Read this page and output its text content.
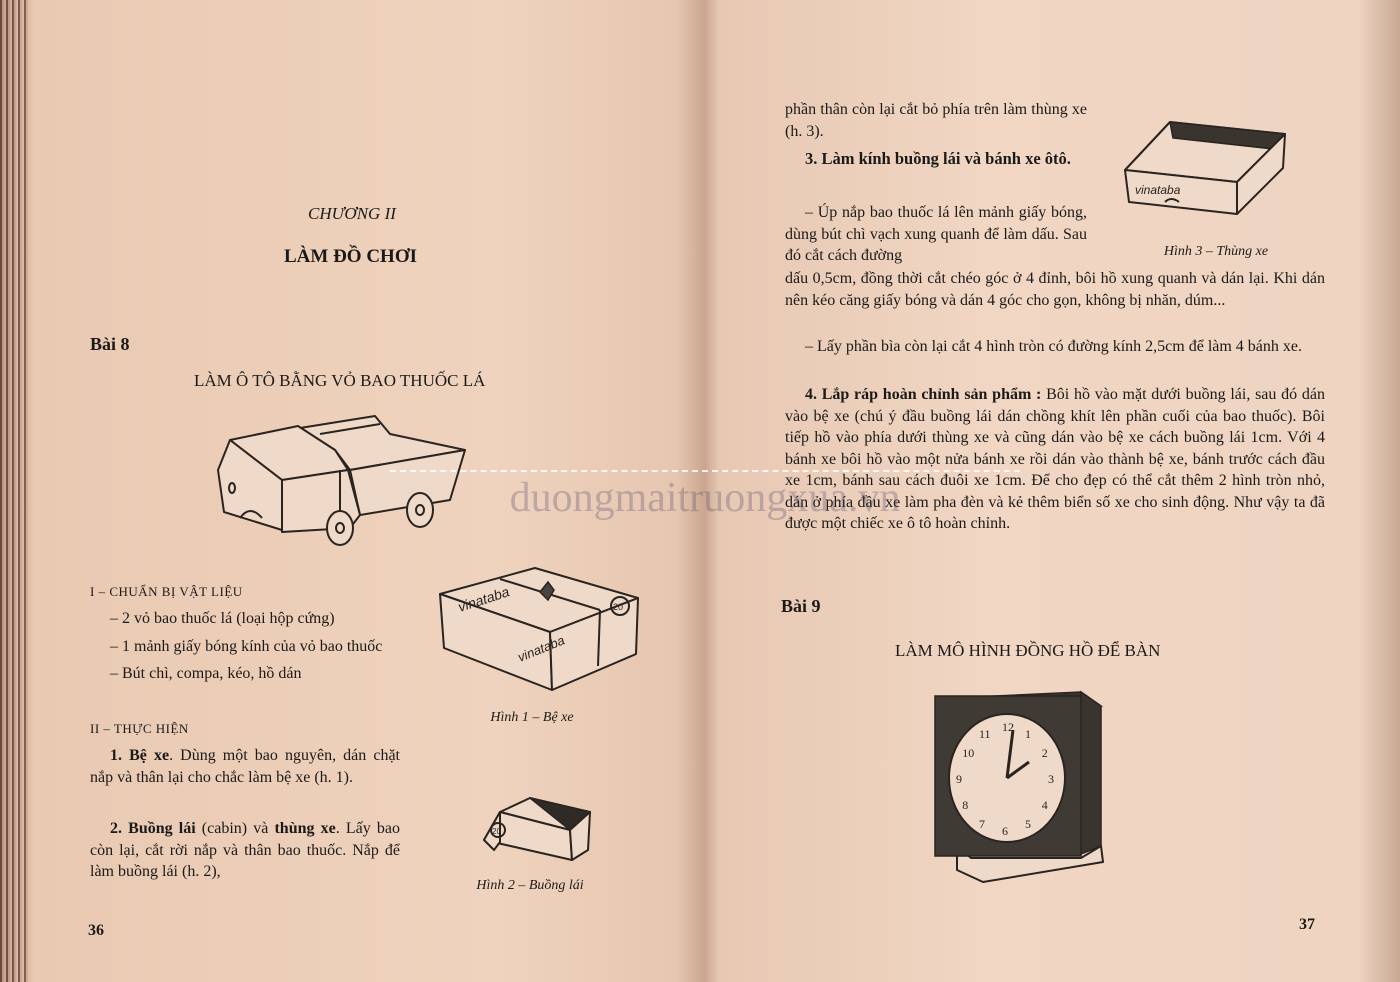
CHƯƠNG II
LÀM ĐỒ CHƠI
Bài 8
LÀM Ô TÔ BẰNG VỎ BAO THUỐC LÁ
I – CHUẨN BỊ VẬT LIỆU

– 2 vỏ bao thuốc lá (loại hộp cứng)

– 1 mảnh giấy bóng kính của vỏ bao thuốc

– Bút chì, compa, kéo, hồ dán

II – THỰC HIỆN

1. Bệ xe. Dùng một bao nguyên, dán chặt nắp và thân lại cho chắc làm bệ xe (h. 1).

2. Buồng lái (cabin) và thùng xe. Lấy bao còn lại, cắt rời nắp và thân bao thuốc. Nắp để làm buồng lái (h. 2),

vinataba
vinataba
20
Hình 1 – Bệ xe
20
Hình 2 – Buồng lái
36

phần thân còn lại cắt bỏ phía trên làm thùng xe (h. 3).

3. Làm kính buồng lái và bánh xe ôtô.

– Úp nắp bao thuốc lá lên mảnh giấy bóng, dùng bút chì vạch xung quanh để làm dấu. Sau đó cắt cách đường

dấu 0,5cm, đồng thời cắt chéo góc ở 4 đỉnh, bôi hồ xung quanh và dán lại. Khi dán nên kéo căng giấy bóng và dán 4 góc cho gọn, không bị nhăn, dúm...

– Lấy phần bìa còn lại cắt 4 hình tròn có đường kính 2,5cm để làm 4 bánh xe.

4. Lắp ráp hoàn chỉnh sản phẩm : Bôi hồ vào mặt dưới buồng lái, sau đó dán vào bệ xe (chú ý đầu buồng lái dán chồng khít lên phần cuối của bao thuốc). Bôi tiếp hồ vào phía dưới thùng xe và cũng dán vào bệ xe cách buồng lái 1cm. Với 4 bánh xe bôi hồ vào một nửa bánh xe rồi dán vào thành bệ xe, bánh trước cách đầu xe 1cm, bánh sau cách đuôi xe 1cm. Để cho đẹp có thể cắt thêm 2 hình tròn nhỏ, dán ở phía đầu xe làm pha đèn và kẻ thêm biển số xe cho sinh động. Như vậy ta đã được một chiếc xe ô tô hoàn chỉnh.

vinataba
Hình 3 – Thùng xe
Bài 9
LÀM MÔ HÌNH ĐỒNG HỒ ĐỂ BÀN
12 1
2
3
4
5
6
7
8
9
10
11
37
duongmaitruongxua.vn
